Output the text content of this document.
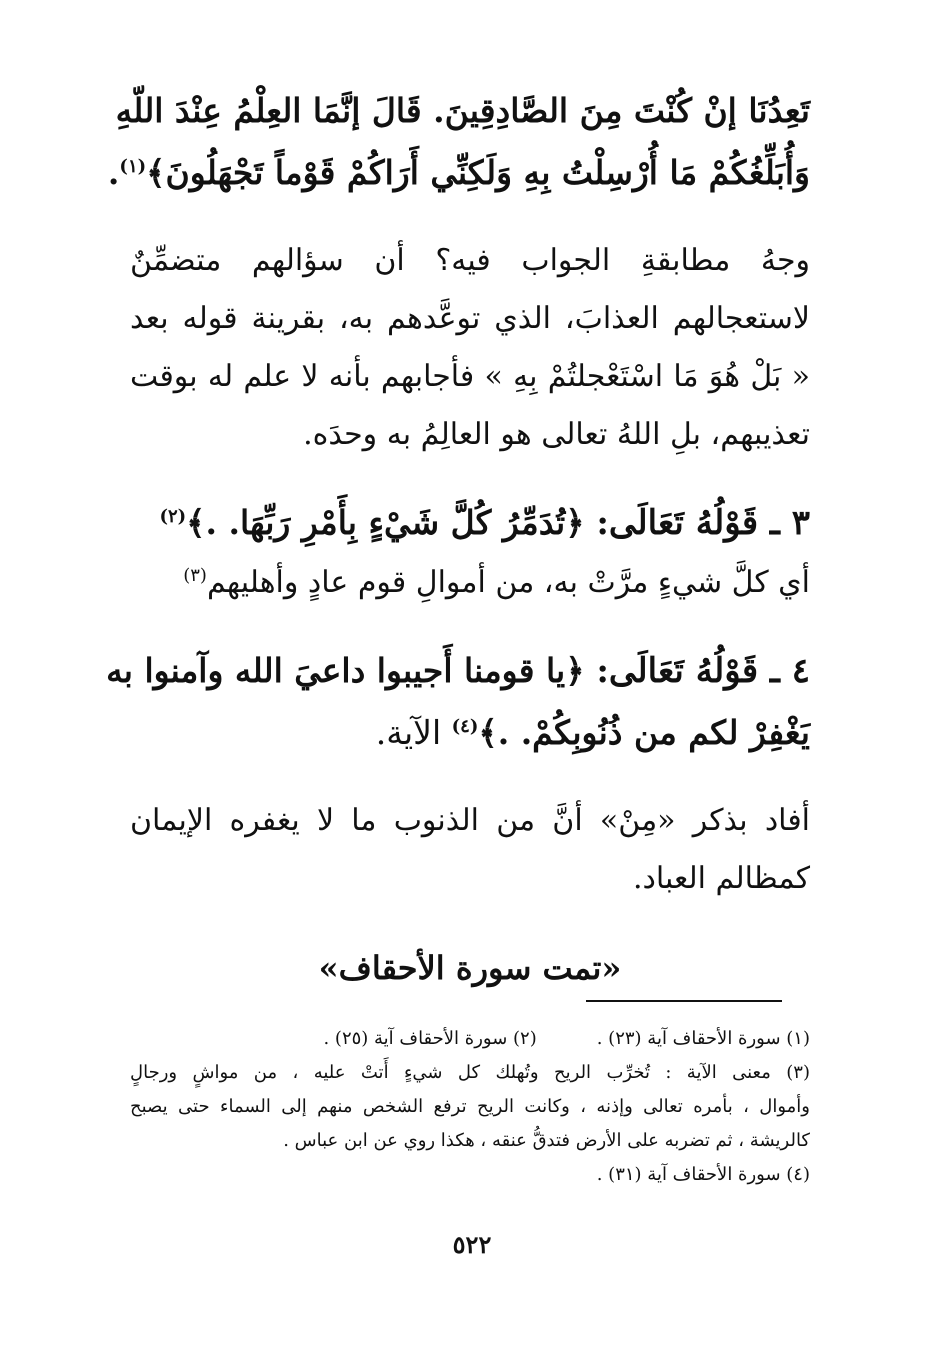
تَعِدُنَا إنْ كُنْتَ مِنَ الصَّادِقِينَ. قَالَ إنَّمَا العِلْمُ عِنْدَ اللّهِ
وَأُبَلِّغُكُمْ مَا أُرْسِلْتُ بِهِ وَلَكِنِّي أَرَاكُمْ قَوْماً تَجْهَلُونَ﴾$^{(١)}$.
وجهُ مطابقةِ الجواب فيه؟ أن سؤالهم متضمِّنٌ
لاستعجالهم العذابَ، الذي توعَّدهم به، بقرينة قوله بعد
« بَلْ هُوَ مَا اسْتَعْجلتُمْ بِهِ » فأجابهم بأنه لا علم له بوقت
تعذيبهم، بلِ اللهُ تعالى هو العالِمُ به وحدَه.
٣ ـ قَوْلُهُ تَعَالَى: ﴿تُدَمِّرُ كُلَّ شَيْءٍ بِأَمْرِ رَبِّهَا. .﴾$^{(٢)}$
أي كلَّ شيءٍ مرَّتْ به، من أموالِ قوم عادٍ وأهليهم$^{(٣)}$
٤ ـ قَوْلُهُ تَعَالَى: ﴿يا قومنا أَجيبوا داعيَ الله وآمنوا به
يَغْفِرْ لكم من ذُنُوبِكُمْ. .﴾$^{(٤)}$ الآية.
أفاد بذكر «مِنْ» أنَّ من الذنوب ما لا يغفره الإيمان
كمظالم العباد.
«تمت سورة الأحقاف»
(١) سورة الأحقاف آية (٢٣) .(٢) سورة الأحقاف آية (٢٥) .
(٣) معنى الآية : تُخرِّب الريح وتُهلك كل شيءٍ أَتتْ عليه ، من مواشٍ ورجالٍ
وأموال ، بأمره تعالى وإذنه ، وكانت الريح ترفع الشخص منهم إلى السماء حتى يصبح
كالريشة ، ثم تضربه على الأرض فتدقُّ عنقه ، هكذا روي عن ابن عباس .
(٤) سورة الأحقاف آية (٣١) .
٥٢٢
